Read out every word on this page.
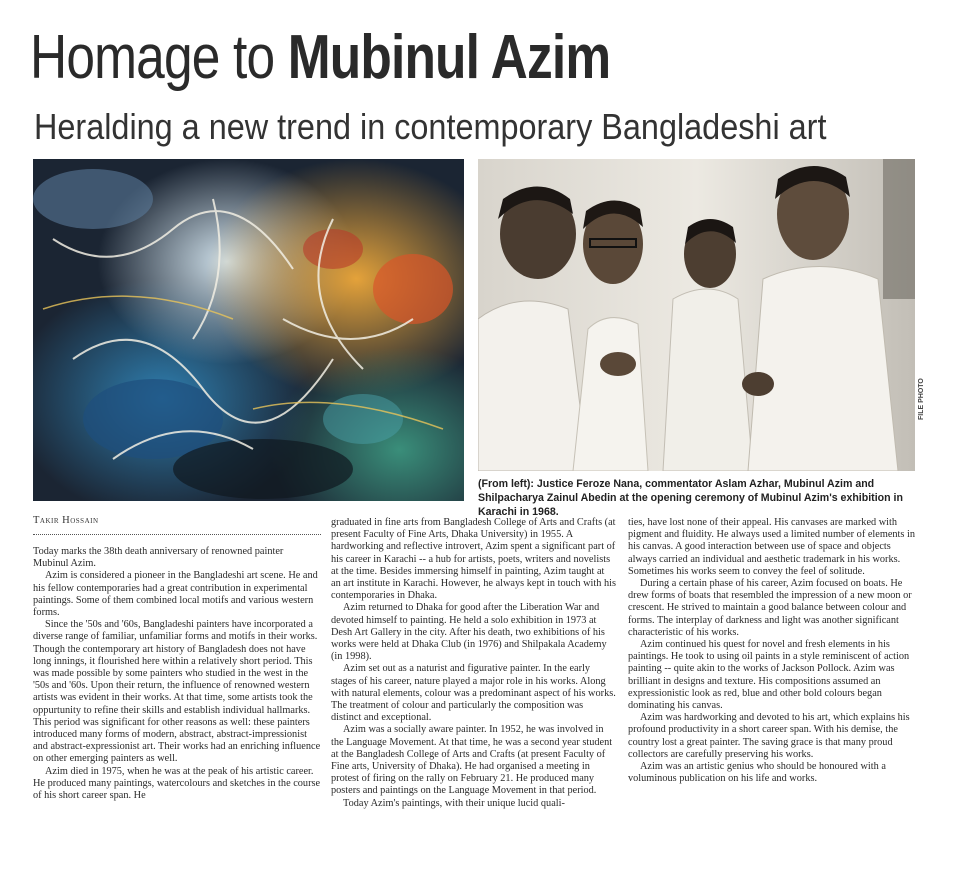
Homage to Mubinul Azim
Heralding a new trend in contemporary Bangladeshi art
FILE PHOTO
(From left): Justice Feroze Nana, commentator Aslam Azhar, Mubinul Azim and Shilpacharya Zainul Abedin at the opening ceremony of Mubinul Azim's exhibition in Karachi in 1968.
Takir Hossain

Today marks the 38th death anniversary of renowned painter Mubinul Azim.

Azim is considered a pioneer in the Bangladeshi art scene. He and his fellow contemporaries had a great contribution in experimental paintings. Some of them combined local motifs and various western forms.

Since the '50s and '60s, Bangladeshi painters have incorporated a diverse range of familiar, unfamiliar forms and motifs in their works. Though the contemporary art history of Bangladesh does not have long innings, it flourished here within a relatively short period. This was made possible by some painters who studied in the west in the '50s and '60s. Upon their return, the influence of renowned western artists was evident in their works. At that time, some artists took the oppurtunity to refine their skills and establish individual hallmarks. This period was significant for other reasons as well: these painters introduced many forms of modern, abstract, abstract-impressionist and abstract-expressionist art. Their works had an enriching influence on other emerging painters as well.

Azim died in 1975, when he was at the peak of his artistic career. He produced many paintings, watercolours and sketches in the course of his short career span. He

graduated in fine arts from Bangladesh College of Arts and Crafts (at present Faculty of Fine Arts, Dhaka University) in 1955. A hardworking and reflective introvert, Azim spent a significant part of his career in Karachi -- a hub for artists, poets, writers and novelists at the time. Besides immersing himself in painting, Azim taught at an art institute in Karachi. However, he always kept in touch with his contemporaries in Dhaka.

Azim returned to Dhaka for good after the Liberation War and devoted himself to painting. He held a solo exhibition in 1973 at Desh Art Gallery in the city. After his death, two exhibitions of his works were held at Dhaka Club (in 1976) and Shilpakala Academy (in 1998).

Azim set out as a naturist and figurative painter. In the early stages of his career, nature played a major role in his works. Along with natural elements, colour was a predominant aspect of his works. The treatment of colour and particularly the composition was distinct and exceptional.

Azim was a socially aware painter. In 1952, he was involved in the Language Movement. At that time, he was a second year student at the Bangladesh College of Arts and Crafts (at present Faculty of Fine arts, University of Dhaka). He had organised a meeting in protest of firing on the rally on February 21. He produced many posters and paintings on the Language Movement in that period.

Today Azim's paintings, with their unique lucid quali-

ties, have lost none of their appeal. His canvases are marked with pigment and fluidity. He always used a limited number of elements in his canvas. A good interaction between use of space and objects always carried an individual and aesthetic trademark in his works. Sometimes his works seem to convey the feel of solitude.

During a certain phase of his career, Azim focused on boats. He drew forms of boats that resembled the impression of a new moon or crescent. He strived to maintain a good balance between colour and forms. The interplay of darkness and light was another significant characteristic of his works.

Azim continued his quest for novel and fresh elements in his paintings. He took to using oil paints in a style reminiscent of action painting -- quite akin to the works of Jackson Pollock. Azim was brilliant in designs and texture. His compositions assumed an expressionistic look as red, blue and other bold colours began dominating his canvas.

Azim was hardworking and devoted to his art, which explains his profound productivity in a short career span. With his demise, the country lost a great painter. The saving grace is that many proud collectors are carefully preserving his works.

Azim was an artistic genius who should be honoured with a voluminous publication on his life and works.
